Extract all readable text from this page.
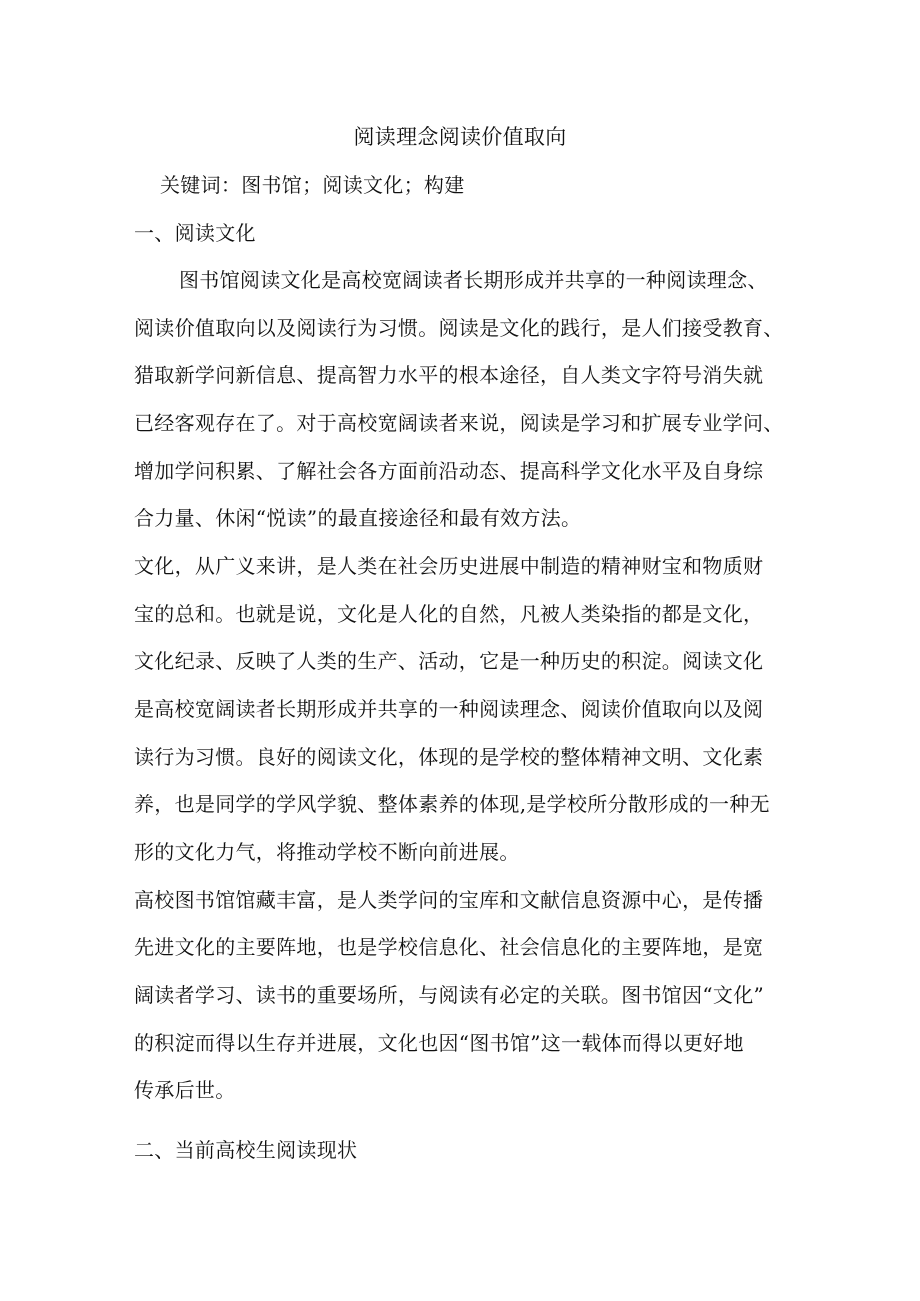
阅读理念阅读价值取向
关键词：图书馆；阅读文化；构建
一、阅读文化
图书馆阅读文化是高校宽阔读者长期形成并共享的一种阅读理念、
阅读价值取向以及阅读行为习惯。阅读是文化的践行，是人们接受教育、
猎取新学问新信息、提高智力水平的根本途径，自人类文字符号消失就
已经客观存在了。对于高校宽阔读者来说，阅读是学习和扩展专业学问、
增加学问积累、了解社会各方面前沿动态、提高科学文化水平及自身综
合力量、休闲“悦读”的最直接途径和最有效方法。
文化，从广义来讲，是人类在社会历史进展中制造的精神财宝和物质财
宝的总和。也就是说，文化是人化的自然，凡被人类染指的都是文化，
文化纪录、反映了人类的生产、活动，它是一种历史的积淀。阅读文化
是高校宽阔读者长期形成并共享的一种阅读理念、阅读价值取向以及阅
读行为习惯。良好的阅读文化，体现的是学校的整体精神文明、文化素
养，也是同学的学风学貌、整体素养的体现,是学校所分散形成的一种无
形的文化力气，将推动学校不断向前进展。
高校图书馆馆藏丰富，是人类学问的宝库和文献信息资源中心，是传播
先进文化的主要阵地，也是学校信息化、社会信息化的主要阵地，是宽
阔读者学习、读书的重要场所，与阅读有必定的关联。图书馆因“文化”
的积淀而得以生存并进展，文化也因“图书馆”这一载体而得以更好地
传承后世。
二、当前高校生阅读现状
